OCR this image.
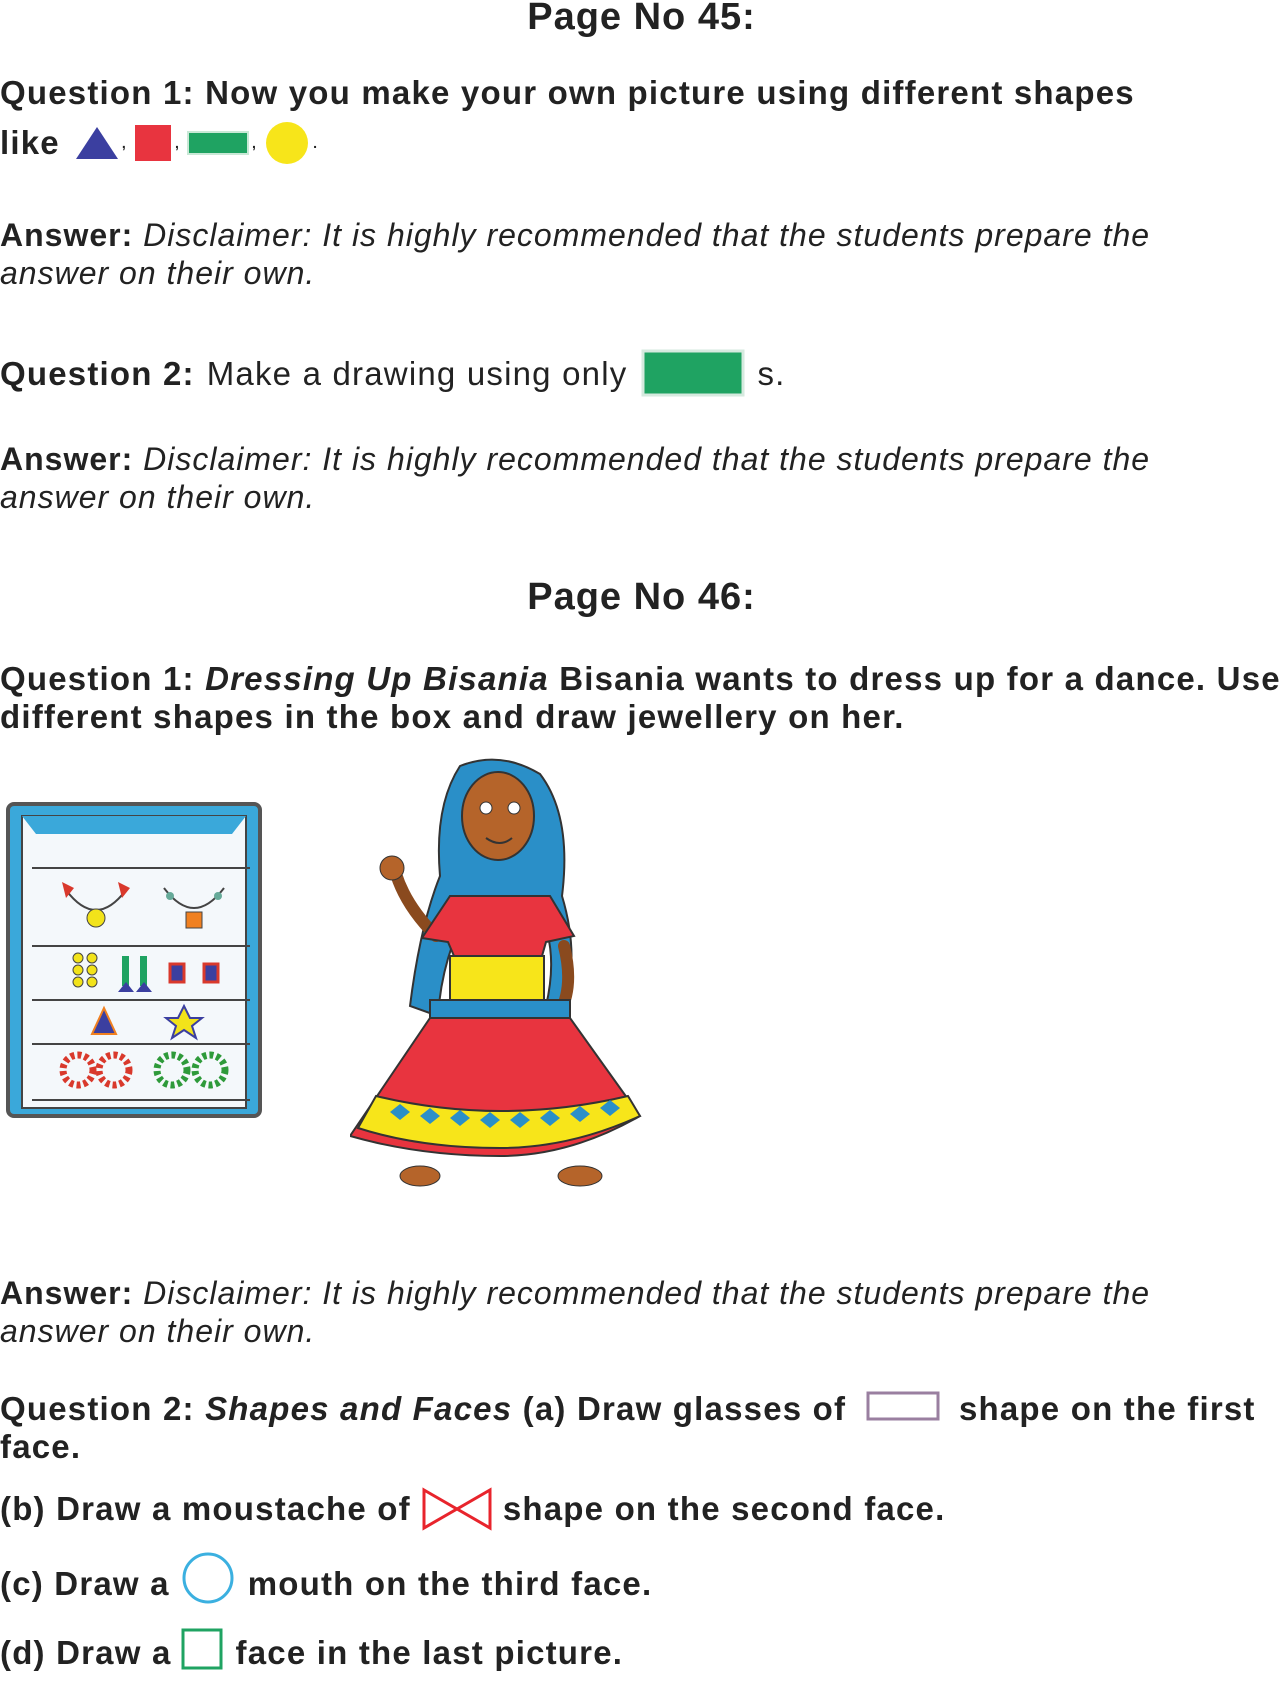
Page No 45:
Question 1: Now you make your own picture using different shapes
like	,	,	,	.
Answer: Disclaimer: It is highly recommended that the students prepare the
answer on their own.
Question 2: Make a drawing using only	s.
Answer: Disclaimer: It is highly recommended that the students prepare the
answer on their own.
Page No 46:
Question 1: Dressing Up Bisania Bisania wants to dress up for a dance. Use
different shapes in the box and draw jewellery on her.
Answer: Disclaimer: It is highly recommended that the students prepare the
answer on their own.
Question 2: Shapes and Faces (a) Draw glasses of	shape on the first
face.
(b) Draw a moustache of	shape on the second face.
(c) Draw a mouth on the third face.
(d) Draw a face in the last picture.
